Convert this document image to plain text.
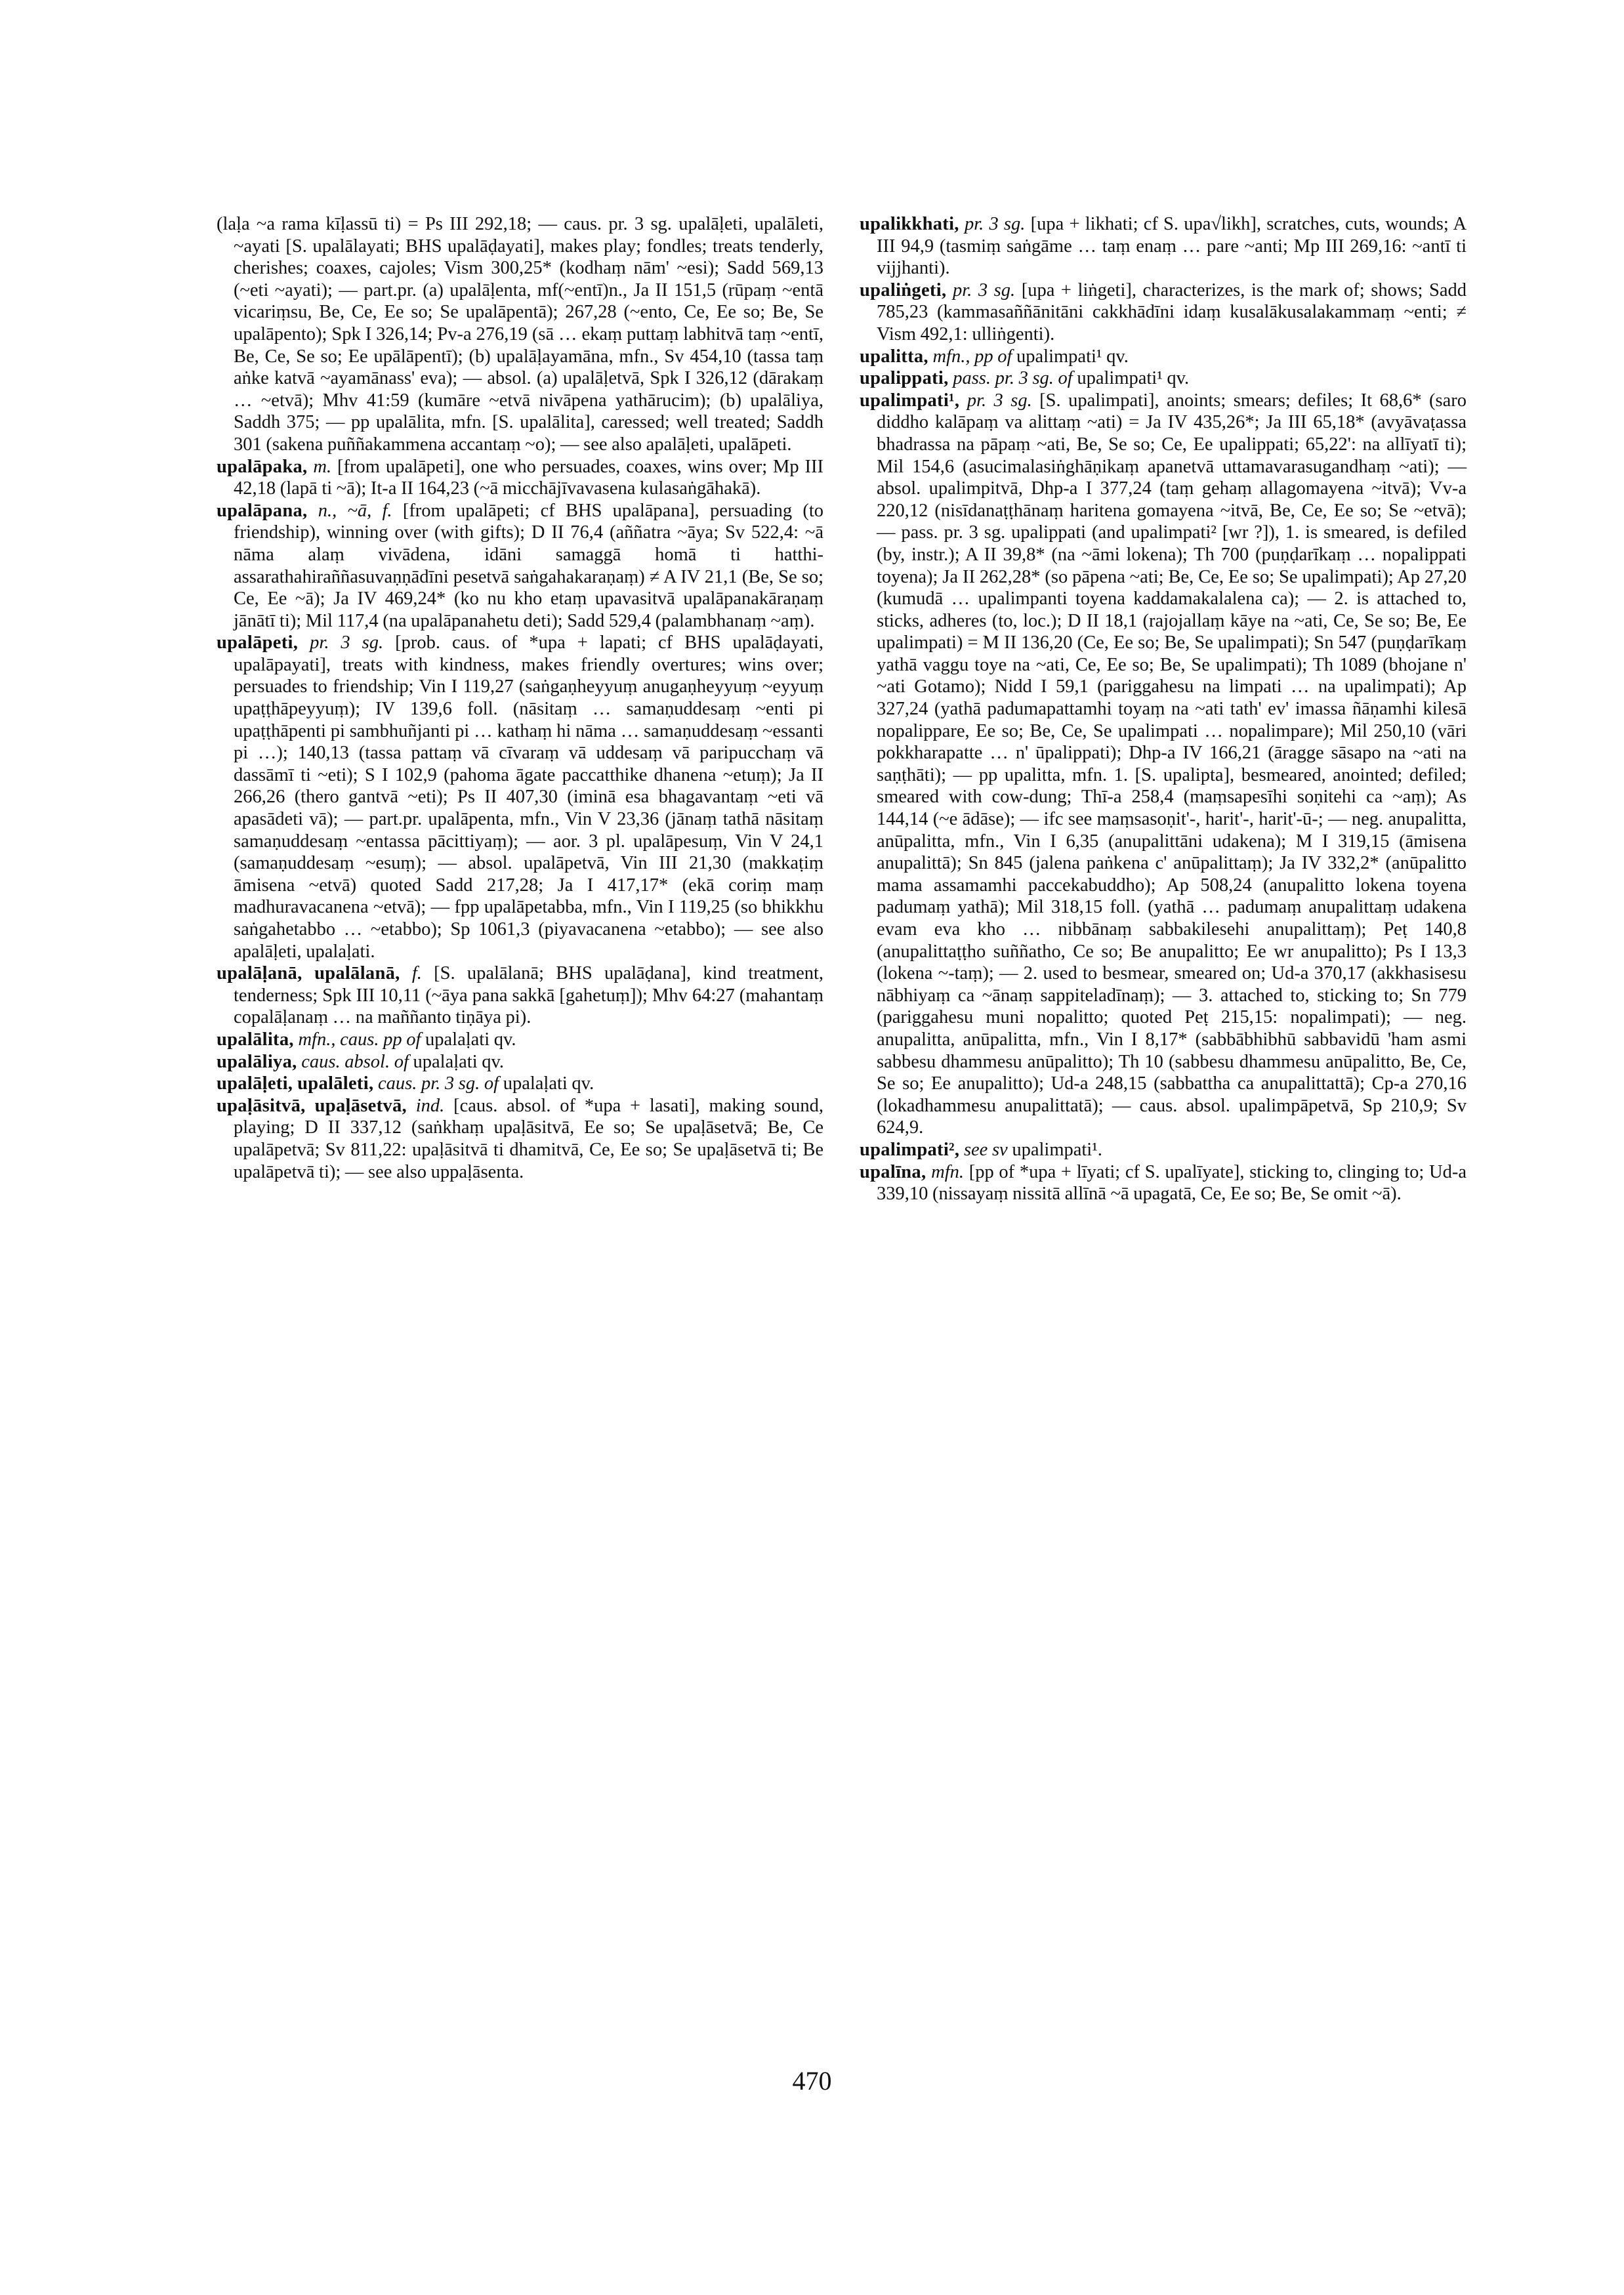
(laḷa ~a rama kīḷassū ti) = Ps III 292,18; — caus. pr. 3 sg. upalāḷeti, upalāleti, ~ayati [S. upalālayati; BHS upalāḍayati], makes play; fondles; treats tenderly, cherishes; coaxes, cajoles; Vism 300,25* (kodhaṃ nām' ~esi); Sadd 569,13 (~eti ~ayati); — part.pr. (a) upalāḷenta, mf(~entī)n., Ja II 151,5 (rūpaṃ ~entā vicariṃsu, Be, Ce, Ee so; Se upalāpentā); 267,28 (~ento, Ce, Ee so; Be, Se upalāpento); Spk I 326,14; Pv-a 276,19 (sā … ekaṃ puttaṃ labhitvā taṃ ~entī, Be, Ce, Se so; Ee upālāpentī); (b) upalāḷayamāna, mfn., Sv 454,10 (tassa taṃ aṅke katvā ~ayamānass' eva); — absol. (a) upalāḷetvā, Spk I 326,12 (dārakaṃ … ~etvā); Mhv 41:59 (kumāre ~etvā nivāpena yathārucim); (b) upalāliya, Saddh 375; — pp upalālita, mfn. [S. upalālita], caressed; well treated; Saddh 301 (sakena puññakammena accantaṃ ~o); — see also apalāḷeti, upalāpeti.

upalāpaka, m. [from upalāpeti], one who persuades, coaxes, wins over; Mp III 42,18 (lapā ti ~ā); It-a II 164,23 (~ā micchājīvavasena kulasaṅgāhakā).

upalāpana, n., ~ā, f. [from upalāpeti; cf BHS upalāpana], persuading (to friendship), winning over (with gifts); D II 76,4 (aññatra ~āya; Sv 522,4: ~ā nāma alaṃ vivādena, idāni samaggā homā ti hatthi-assarathahiraññasuvaṇṇādīni pesetvā saṅgahakaraṇaṃ) ≠ A IV 21,1 (Be, Se so; Ce, Ee ~ā); Ja IV 469,24* (ko nu kho etaṃ upavasitvā upalāpanakāraṇaṃ jānātī ti); Mil 117,4 (na upalāpanahetu deti); Sadd 529,4 (palambhanaṃ ~aṃ).

upalāpeti, pr. 3 sg. [prob. caus. of *upa + lapati; cf BHS upalāḍayati, upalāpayati], treats with kindness, makes friendly overtures; wins over; persuades to friendship; Vin I 119,27 (saṅgaṇheyyuṃ anugaṇheyyuṃ ~eyyuṃ upaṭṭhāpeyyuṃ); IV 139,6 foll. (nāsitaṃ … samaṇuddesaṃ ~enti pi upaṭṭhāpenti pi sambhuñjanti pi … kathaṃ hi nāma … samaṇuddesaṃ ~essanti pi …); 140,13 (tassa pattaṃ vā cīvaraṃ vā uddesaṃ vā paripucchaṃ vā dassāmī ti ~eti); S I 102,9 (pahoma āgate paccatthike dhanena ~etuṃ); Ja II 266,26 (thero gantvā ~eti); Ps II 407,30 (iminā esa bhagavantaṃ ~eti vā apasādeti vā); — part.pr. upalāpenta, mfn., Vin V 23,36 (jānaṃ tathā nāsitaṃ samaṇuddesaṃ ~entassa pācittiyaṃ); — aor. 3 pl. upalāpesuṃ, Vin V 24,1 (samaṇuddesaṃ ~esuṃ); — absol. upalāpetvā, Vin III 21,30 (makkaṭiṃ āmisena ~etvā) quoted Sadd 217,28; Ja I 417,17* (ekā coriṃ maṃ madhuravacanena ~etvā); — fpp upalāpetabba, mfn., Vin I 119,25 (so bhikkhu saṅgahetabbo … ~etabbo); Sp 1061,3 (piyavacanena ~etabbo); — see also apalāḷeti, upalaḷati.

upalāḷanā, upalālanā, f. [S. upalālanā; BHS upalāḍana], kind treatment, tenderness; Spk III 10,11 (~āya pana sakkā [gahetuṃ]); Mhv 64:27 (mahantaṃ copalāḷanaṃ … na maññanto tiṇāya pi).

upalālita, mfn., caus. pp of upalaḷati qv.

upalāliya, caus. absol. of upalaḷati qv.

upalāḷeti, upalāleti, caus. pr. 3 sg. of upalaḷati qv.

upaḷāsitvā, upaḷāsetvā, ind. [caus. absol. of *upa + lasati], making sound, playing; D II 337,12 (saṅkhaṃ upaḷāsitvā, Ee so; Se upaḷāsetvā; Be, Ce upalāpetvā; Sv 811,22: upaḷāsitvā ti dhamitvā, Ce, Ee so; Se upaḷāsetvā ti; Be upalāpetvā ti); — see also uppaḷāsenta.

upalikkhati, pr. 3 sg. [upa + likhati; cf S. upa√likh], scratches, cuts, wounds; A III 94,9 (tasmiṃ saṅgāme … taṃ enaṃ … pare ~anti; Mp III 269,16: ~antī ti vijjhanti).

upaliṅgeti, pr. 3 sg. [upa + liṅgeti], characterizes, is the mark of; shows; Sadd 785,23 (kammasaññānitāni cakkhādīni idaṃ kusalākusalakammaṃ ~enti; ≠ Vism 492,1: ulliṅgenti).

upalitta, mfn., pp of upalimpati¹ qv.

upalippati, pass. pr. 3 sg. of upalimpati¹ qv.

upalimpati¹, pr. 3 sg. [S. upalimpati], anoints; smears; defiles; It 68,6* (saro diddho kalāpaṃ va alittaṃ ~ati) = Ja IV 435,26*; Ja III 65,18* (avyāvaṭassa bhadrassa na pāpaṃ ~ati, Be, Se so; Ce, Ee upalippati; 65,22': na allīyatī ti); Mil 154,6 (asucimalasiṅghāṇikaṃ apanetvā uttamavarasugandhaṃ ~ati); — absol. upalimpitvā, Dhp-a I 377,24 (taṃ gehaṃ allagomayena ~itvā); Vv-a 220,12 (nisīdanaṭṭhānaṃ haritena gomayena ~itvā, Be, Ce, Ee so; Se ~etvā); — pass. pr. 3 sg. upalippati (and upalimpati² [wr ?]), 1. is smeared, is defiled (by, instr.); A II 39,8* (na ~āmi lokena); Th 700 (puṇḍarīkaṃ … nopalippati toyena); Ja II 262,28* (so pāpena ~ati; Be, Ce, Ee so; Se upalimpati); Ap 27,20 (kumudā … upalimpanti toyena kaddamakalalena ca); — 2. is attached to, sticks, adheres (to, loc.); D II 18,1 (rajojallaṃ kāye na ~ati, Ce, Se so; Be, Ee upalimpati) = M II 136,20 (Ce, Ee so; Be, Se upalimpati); Sn 547 (puṇḍarīkaṃ yathā vaggu toye na ~ati, Ce, Ee so; Be, Se upalimpati); Th 1089 (bhojane n' ~ati Gotamo); Nidd I 59,1 (pariggahesu na limpati … na upalimpati); Ap 327,24 (yathā padumapattamhi toyaṃ na ~ati tath' ev' imassa ñāṇamhi kilesā nopalippare, Ee so; Be, Ce, Se upalimpati … nopalimpare); Mil 250,10 (vāri pokkharapatte … n' ūpalippati); Dhp-a IV 166,21 (āragge sāsapo na ~ati na saṇṭhāti); — pp upalitta, mfn. 1. [S. upalipta], besmeared, anointed; defiled; smeared with cow-dung; Thī-a 258,4 (maṃsapesīhi soṇitehi ca ~aṃ); As 144,14 (~e ādāse); — ifc see maṃsasoṇit'-, harit'-, harit'-ū-; — neg. anupalitta, anūpalitta, mfn., Vin I 6,35 (anupalittāni udakena); M I 319,15 (āmisena anupalittā); Sn 845 (jalena paṅkena c' anūpalittaṃ); Ja IV 332,2* (anūpalitto mama assamamhi paccekabuddho); Ap 508,24 (anupalitto lokena toyena padumaṃ yathā); Mil 318,15 foll. (yathā … padumaṃ anupalittaṃ udakena evam eva kho … nibbānaṃ sabbakilesehi anupalittaṃ); Peṭ 140,8 (anupalittaṭṭho suññatho, Ce so; Be anupalitto; Ee wr anupalitto); Ps I 13,3 (lokena ~-taṃ); — 2. used to besmear, smeared on; Ud-a 370,17 (akkhasisesu nābhiyaṃ ca ~ānaṃ sappiteladīnaṃ); — 3. attached to, sticking to; Sn 779 (pariggahesu muni nopalitto; quoted Peṭ 215,15: nopalimpati); — neg. anupalitta, anūpalitta, mfn., Vin I 8,17* (sabbābhibhū sabbavidū 'ham asmi sabbesu dhammesu anūpalitto); Th 10 (sabbesu dhammesu anūpalitto, Be, Ce, Se so; Ee anupalitto); Ud-a 248,15 (sabbattha ca anupalittattā); Cp-a 270,16 (lokadhammesu anupalittatā); — caus. absol. upalimpāpetvā, Sp 210,9; Sv 624,9.

upalimpati², see sv upalimpati¹.

upalīna, mfn. [pp of *upa + līyati; cf S. upalīyate], sticking to, clinging to; Ud-a 339,10 (nissayaṃ nissitā allīnā ~ā upagatā, Ce, Ee so; Be, Se omit ~ā).

470
